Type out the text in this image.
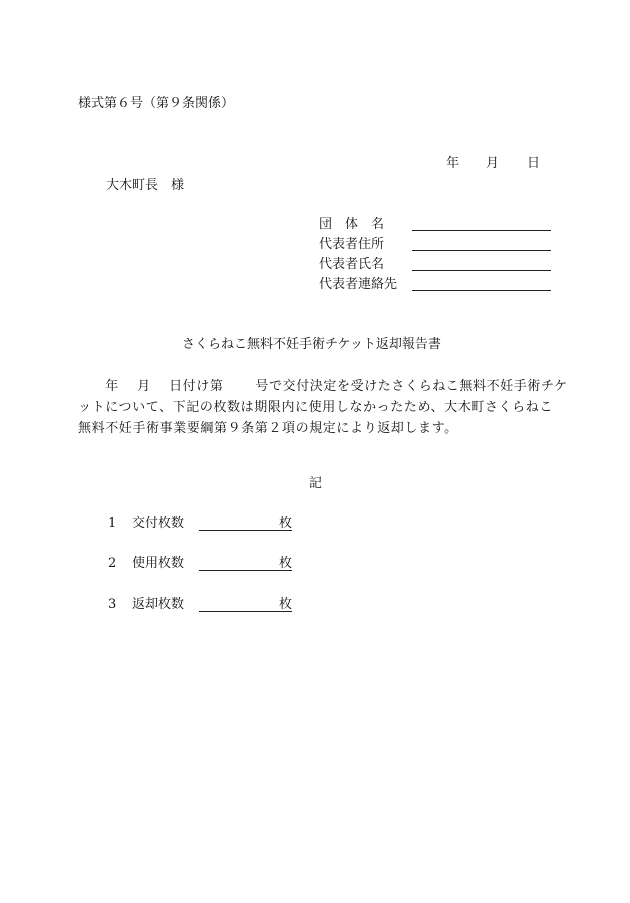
様式第６号（第９条関係）
年 月 日
大木町長　様
団　体　名
代表者住所
代表者氏名
代表者連絡先
さくらねこ無料不妊手術チケット返却報告書
　　年　 月　 日付け第　　 号で交付決定を受けたさくらねこ無料不妊手術チケ
ットについて、下記の枚数は期限内に使用しなかったため、大木町さくらねこ
無料不妊手術事業要綱第９条第２項の規定により返却します。
記
1 交付枚数	枚
2 使用枚数	枚
3 返却枚数	枚
